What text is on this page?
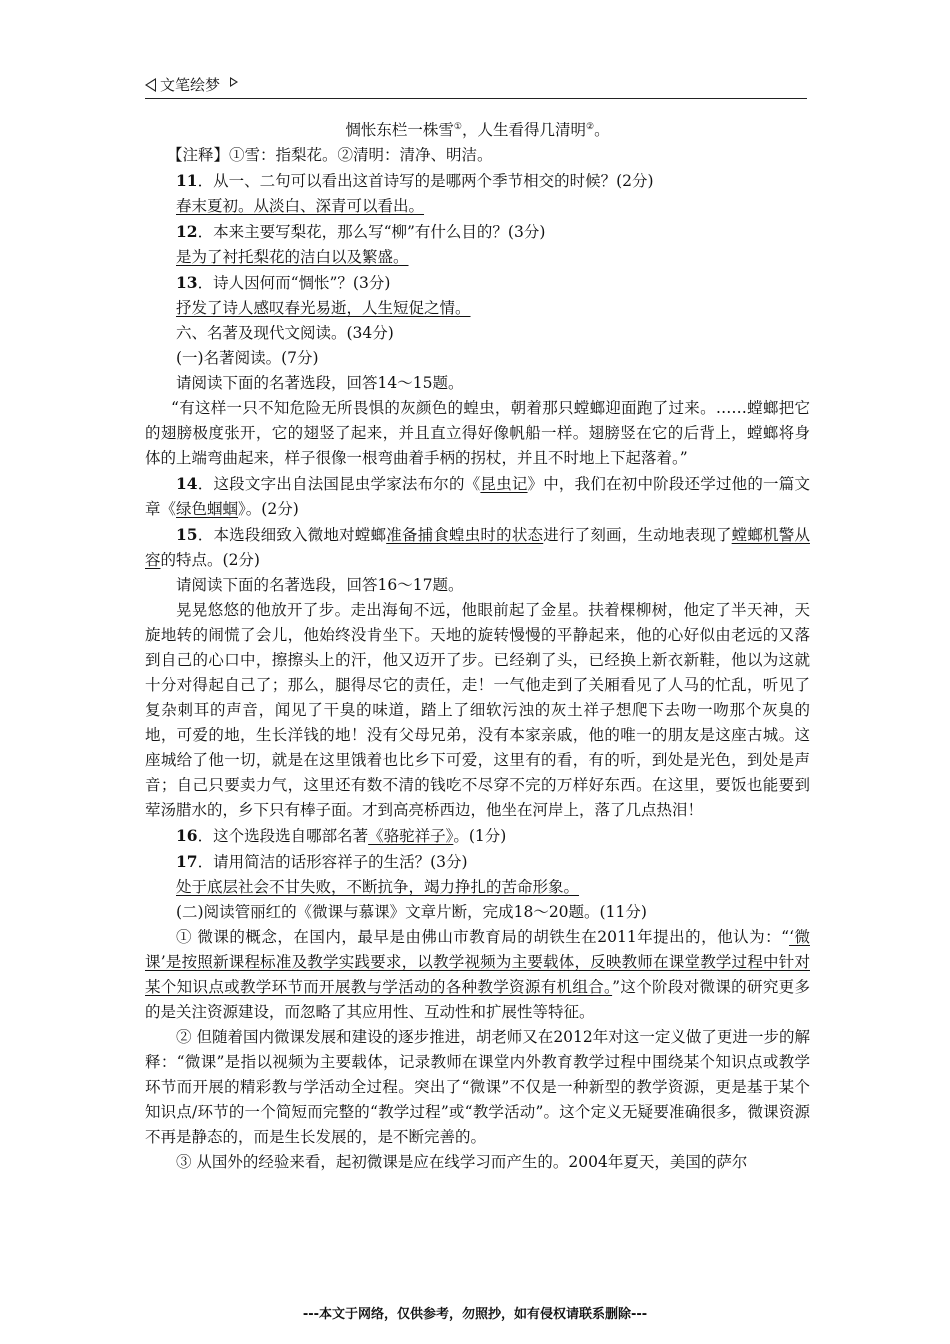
文笔绘梦

惆怅东栏一株雪①，人生看得几清明②。

【注释】①雪：指梨花。②清明：清净、明洁。

11．从一、二句可以看出这首诗写的是哪两个季节相交的时候？(2分)

春末夏初。从淡白、深青可以看出。

12．本来主要写梨花，那么写“柳”有什么目的？(3分)

是为了衬托梨花的洁白以及繁盛。

13．诗人因何而“惆怅”？(3分)

抒发了诗人感叹春光易逝，人生短促之情。

六、名著及现代文阅读。(34分)

(一)名著阅读。(7分)

请阅读下面的名著选段，回答14～15题。

“有这样一只不知危险无所畏惧的灰颜色的蝗虫，朝着那只螳螂迎面跑了过来。……螳螂把它的翅膀极度张开，它的翅竖了起来，并且直立得好像帆船一样。翅膀竖在它的后背上，螳螂将身体的上端弯曲起来，样子很像一根弯曲着手柄的拐杖，并且不时地上下起落着。”

14．这段文字出自法国昆虫学家法布尔的《昆虫记》中，我们在初中阶段还学过他的一篇文章《绿色蝈蝈》。(2分)

15．本选段细致入微地对螳螂准备捕食蝗虫时的状态进行了刻画，生动地表现了螳螂机警从容的特点。(2分)

请阅读下面的名著选段，回答16～17题。

晃晃悠悠的他放开了步。走出海甸不远，他眼前起了金星。扶着棵柳树，他定了半天神，天旋地转的闹慌了会儿，他始终没肯坐下。天地的旋转慢慢的平静起来，他的心好似由老远的又落到自己的心口中，擦擦头上的汗，他又迈开了步。已经剃了头，已经换上新衣新鞋，他以为这就十分对得起自己了；那么，腿得尽它的责任，走！一气他走到了关厢看见了人马的忙乱，听见了复杂刺耳的声音，闻见了干臭的味道，踏上了细软污浊的灰土祥子想爬下去吻一吻那个灰臭的地，可爱的地，生长洋钱的地！没有父母兄弟，没有本家亲戚，他的唯一的朋友是这座古城。这座城给了他一切，就是在这里饿着也比乡下可爱，这里有的看，有的听，到处是光色，到处是声音；自己只要卖力气，这里还有数不清的钱吃不尽穿不完的万样好东西。在这里，要饭也能要到荤汤腊水的，乡下只有棒子面。才到高亮桥西边，他坐在河岸上，落了几点热泪！

16．这个选段选自哪部名著《骆驼祥子》。(1分)

17．请用简洁的话形容祥子的生活？(3分)

处于底层社会不甘失败，不断抗争，竭力挣扎的苦命形象。

(二)阅读管丽红的《微课与慕课》文章片断，完成18～20题。(11分)

① 微课的概念，在国内，最早是由佛山市教育局的胡铁生在2011年提出的，他认为：“‘微课’是按照新课程标准及教学实践要求，以教学视频为主要载体，反映教师在课堂教学过程中针对某个知识点或教学环节而开展教与学活动的各种教学资源有机组合。”这个阶段对微课的研究更多的是关注资源建设，而忽略了其应用性、互动性和扩展性等特征。

② 但随着国内微课发展和建设的逐步推进，胡老师又在2012年对这一定义做了更进一步的解释：“微课”是指以视频为主要载体，记录教师在课堂内外教育教学过程中围绕某个知识点或教学环节而开展的精彩教与学活动全过程。突出了“微课”不仅是一种新型的教学资源，更是基于某个知识点/环节的一个简短而完整的“教学过程”或“教学活动”。这个定义无疑要准确很多，微课资源不再是静态的，而是生长发展的，是不断完善的。

③ 从国外的经验来看，起初微课是应在线学习而产生的。2004年夏天，美国的萨尔

---本文于网络，仅供参考，勿照抄，如有侵权请联系删除---
